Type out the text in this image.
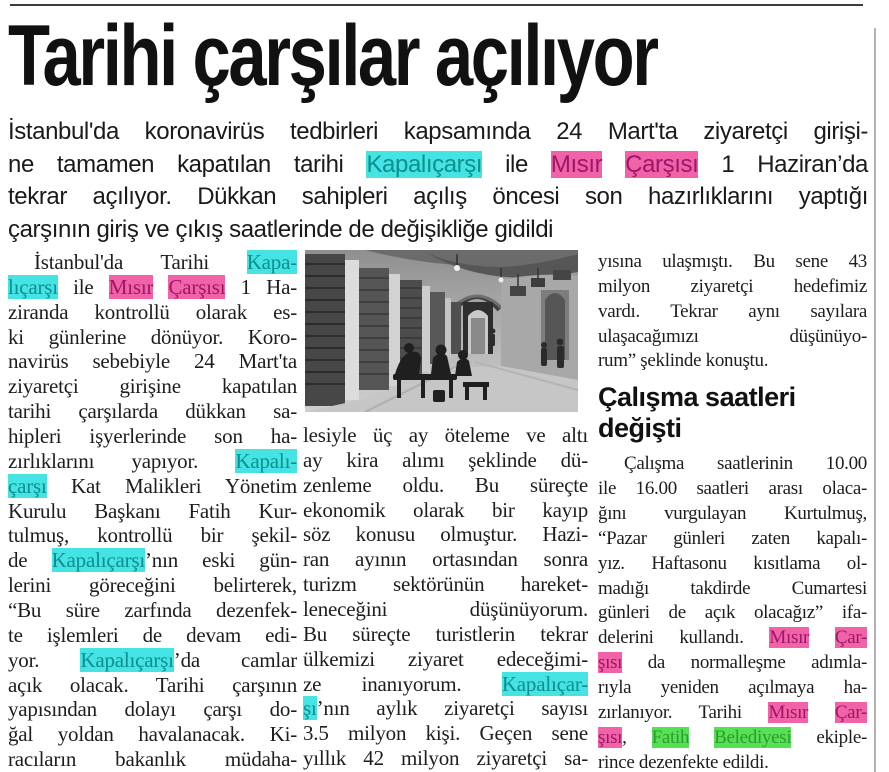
Tarihi çarşılar açılıyor
İstanbul'da koronavirüs tedbirleri kapsamında 24 Mart'ta ziyaretçi girişi-
ne tamamen kapatılan tarihi Kapalıçarşı ile Mısır Çarşısı 1 Haziran’da
tekrar açılıyor. Dükkan sahipleri açılış öncesi son hazırlıklarını yaptığı
çarşının giriş ve çıkış saatlerinde de değişikliğe gidildi
İstanbul'da Tarihi Kapa-
lıçarşı ile Mısır Çarşısı 1 Ha-
ziranda kontrollü olarak es-
ki günlerine dönüyor. Koro-
navirüs sebebiyle 24 Mart'ta
ziyaretçi girişine kapatılan
tarihi çarşılarda dükkan sa-
hipleri işyerlerinde son ha-
zırlıklarını yapıyor. Kapalı-
çarşı Kat Malikleri Yönetim
Kurulu Başkanı Fatih Kur-
tulmuş, kontrollü bir şekil-
de Kapalıçarşı’nın eski gün-
lerini göreceğini belirterek,
“Bu süre zarfında dezenfek-
te işlemleri de devam edi-
yor. Kapalıçarşı’da camlar
açık olacak. Tarihi çarşının
yapısından dolayı çarşı do-
ğal yoldan havalanacak. Ki-
racıların bakanlık müdaha-
lesiyle üç ay öteleme ve altı
ay kira alımı şeklinde dü-
zenleme oldu. Bu süreçte
ekonomik olarak bir kayıp
söz konusu olmuştur. Hazi-
ran ayının ortasından sonra
turizm sektörünün hareket-
leneceğini düşünüyorum.
Bu süreçte turistlerin tekrar
ülkemizi ziyaret edeceğimi-
ze inanıyorum. Kapalıçar-
şı’nın aylık ziyaretçi sayısı
3.5 milyon kişi. Geçen sene
yıllık 42 milyon ziyaretçi sa-
yısına ulaşmıştı. Bu sene 43
milyon ziyaretçi hedefimiz
vardı. Tekrar aynı sayılara
ulaşacağımızı düşünüyo-
rum” şeklinde konuştu.
Çalışma saatleri değişti
Çalışma saatlerinin 10.00
ile 16.00 saatleri arası olaca-
ğını vurgulayan Kurtulmuş,
“Pazar günleri zaten kapalı-
yız. Haftasonu kısıtlama ol-
madığı takdirde Cumartesi
günleri de açık olacağız” ifa-
delerini kullandı. Mısır Çar-
şısı da normalleşme adımla-
rıyla yeniden açılmaya ha-
zırlanıyor. Tarihi Mısır Çar-
şısı, Fatih Belediyesi ekiple-
rince dezenfekte edildi.
